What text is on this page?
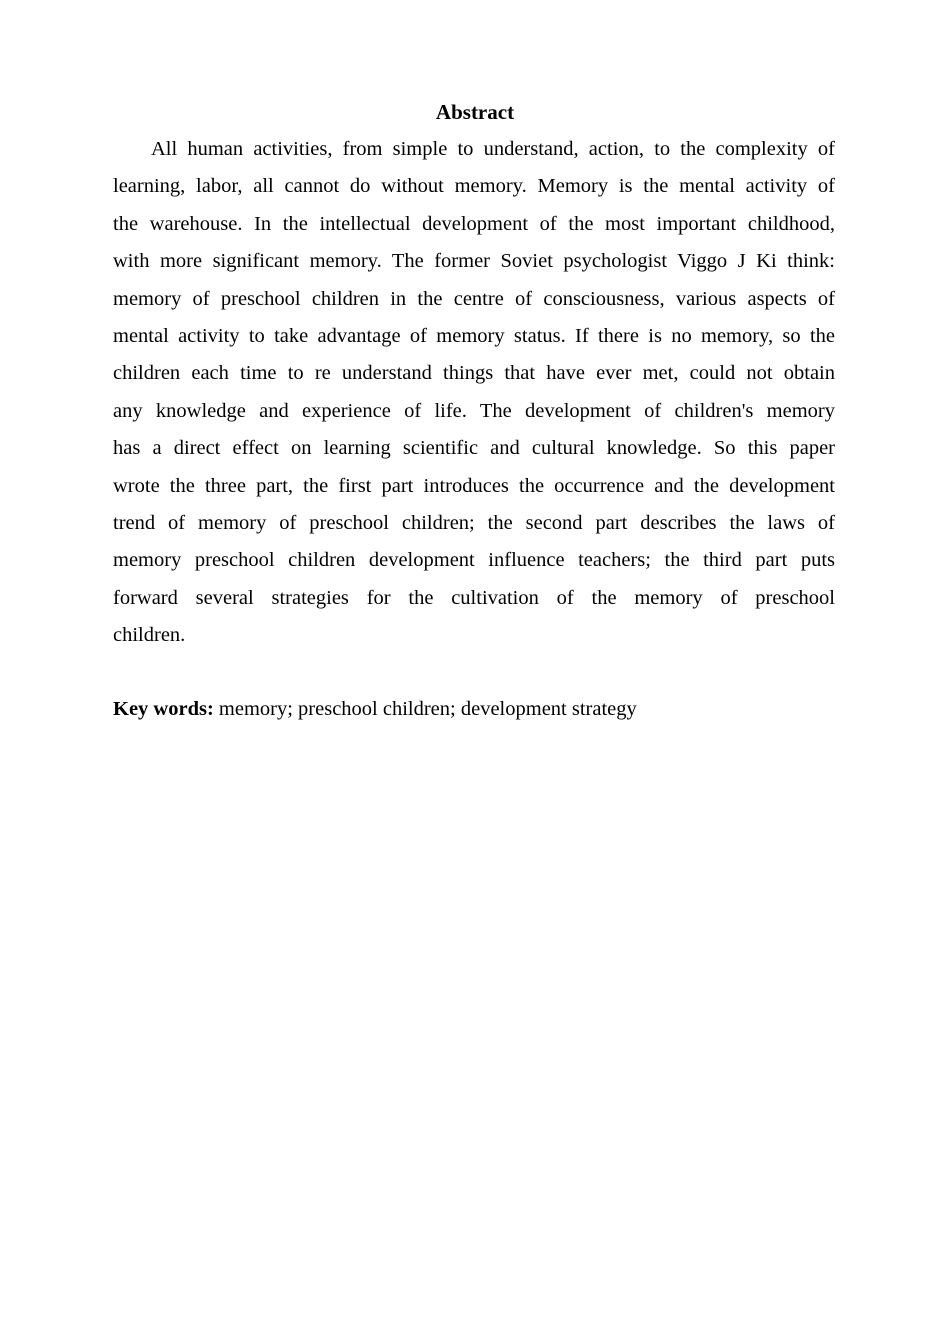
Abstract
All human activities, from simple to understand, action, to the complexity of
learning, labor, all cannot do without memory. Memory is the mental activity of
the warehouse. In the intellectual development of the most important childhood,
with more significant memory. The former Soviet psychologist Viggo J Ki think:
memory of preschool children in the centre of consciousness, various aspects of
mental activity to take advantage of memory status. If there is no memory, so the
children each time to re understand things that have ever met, could not obtain
any knowledge and experience of life. The development of children's memory
has a direct effect on learning scientific and cultural knowledge. So this paper
wrote the three part, the first part introduces the occurrence and the development
trend of memory of preschool children; the second part describes the laws of
memory preschool children development influence teachers; the third part puts
forward several strategies for the cultivation of the memory of preschool
children.
Key words: memory; preschool children; development strategy
